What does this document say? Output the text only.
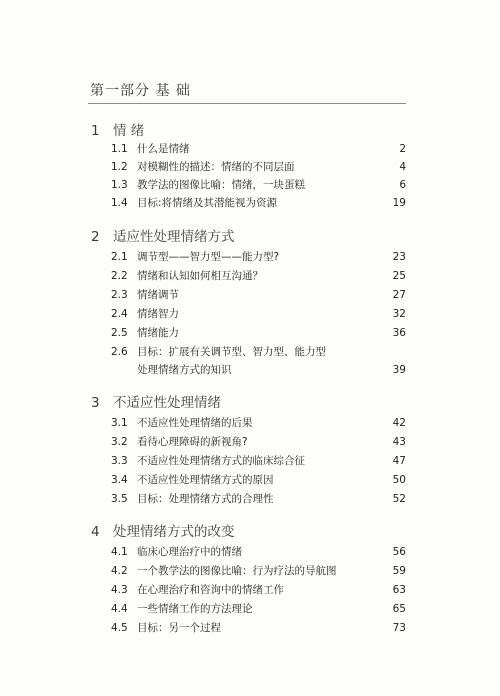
第一部分 基 础
1 情 绪
1.1 什么是情绪	2
1.2 对模糊性的描述：情绪的不同层面	4
1.3 教学法的图像比喻：情绪，一块蛋糕	6
1.4 目标:将情绪及其潜能视为资源	19
2 适应性处理情绪方式
2.1 调节型——智力型——能力型?	23
2.2 情绪和认知如何相互沟通？	25
2.3 情绪调节	27
2.4 情绪智力	32
2.5 情绪能力	36
2.6 目标：扩展有关调节型、智力型、能力型
处理情绪方式的知识	39
3 不适应性处理情绪
3.1 不适应性处理情绪的后果	42
3.2 看待心理障碍的新视角?	43
3.3 不适应性处理情绪方式的临床综合征	47
3.4 不适应性处理情绪方式的原因	50
3.5 目标：处理情绪方式的合理性	52
4 处理情绪方式的改变
4.1 临床心理治疗中的情绪	56
4.2 一个教学法的图像比喻：行为疗法的导航图	59
4.3 在心理治疗和咨询中的情绪工作	63
4.4 一些情绪工作的方法理论	65
4.5 目标：另一个过程	73
